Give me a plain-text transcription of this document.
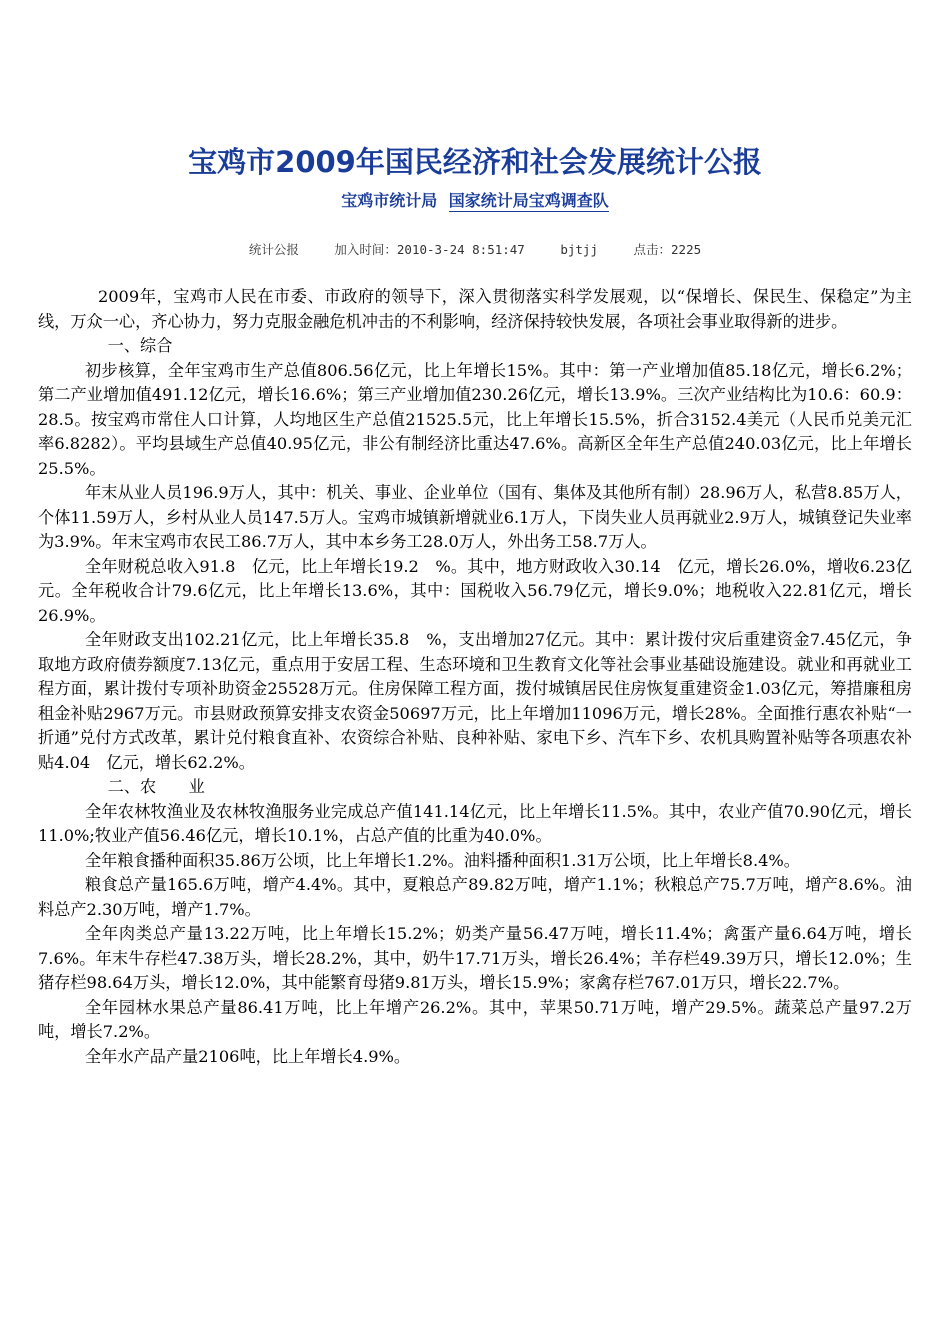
宝鸡市2009年国民经济和社会发展统计公报
宝鸡市统计局 国家统计局宝鸡调查队
统计公报	加入时间：2010-3-24 8:51:47	bjtjj	点击：2225

2009年，宝鸡市人民在市委、市政府的领导下，深入贯彻落实科学发展观，以“保增长、保民生、保稳定”为主线，万众一心，齐心协力，努力克服金融危机冲击的不利影响，经济保持较快发展，各项社会事业取得新的进步。

一、综合

初步核算，全年宝鸡市生产总值806.56亿元，比上年增长15%。其中：第一产业增加值85.18亿元，增长6.2%；第二产业增加值491.12亿元，增长16.6%；第三产业增加值230.26亿元，增长13.9%。三次产业结构比为10.6：60.9：28.5。按宝鸡市常住人口计算，人均地区生产总值21525.5元，比上年增长15.5%，折合3152.4美元（人民币兑美元汇率6.8282）。平均县域生产总值40.95亿元，非公有制经济比重达47.6%。高新区全年生产总值240.03亿元，比上年增长25.5%。

年末从业人员196.9万人，其中：机关、事业、企业单位（国有、集体及其他所有制）28.96万人，私营8.85万人，个体11.59万人，乡村从业人员147.5万人。宝鸡市城镇新增就业6.1万人，下岗失业人员再就业2.9万人，城镇登记失业率为3.9%。年末宝鸡市农民工86.7万人，其中本乡务工28.0万人，外出务工58.7万人。

全年财税总收入91.8　亿元，比上年增长19.2　%。其中，地方财政收入30.14　亿元，增长26.0%，增收6.23亿元。全年税收合计79.6亿元，比上年增长13.6%，其中：国税收入56.79亿元，增长9.0%；地税收入22.81亿元，增长26.9%。

全年财政支出102.21亿元，比上年增长35.8　%，支出增加27亿元。其中：累计拨付灾后重建资金7.45亿元，争取地方政府债券额度7.13亿元，重点用于安居工程、生态环境和卫生教育文化等社会事业基础设施建设。就业和再就业工程方面，累计拨付专项补助资金25528万元。住房保障工程方面，拨付城镇居民住房恢复重建资金1.03亿元，筹措廉租房租金补贴2967万元。市县财政预算安排支农资金50697万元，比上年增加11096万元，增长28%。全面推行惠农补贴“一折通”兑付方式改革，累计兑付粮食直补、农资综合补贴、良种补贴、家电下乡、汽车下乡、农机具购置补贴等各项惠农补贴4.04　亿元，增长62.2%。

二、农　　业

全年农林牧渔业及农林牧渔服务业完成总产值141.14亿元，比上年增长11.5%。其中，农业产值70.90亿元，增长11.0%;牧业产值56.46亿元，增长10.1%，占总产值的比重为40.0%。

全年粮食播种面积35.86万公顷，比上年增长1.2%。油料播种面积1.31万公顷，比上年增长8.4%。

粮食总产量165.6万吨，增产4.4%。其中，夏粮总产89.82万吨，增产1.1%；秋粮总产75.7万吨，增产8.6%。油料总产2.30万吨，增产1.7%。

全年肉类总产量13.22万吨，比上年增长15.2%；奶类产量56.47万吨，增长11.4%；禽蛋产量6.64万吨，增长7.6%。年末牛存栏47.38万头，增长28.2%，其中，奶牛17.71万头，增长26.4%；羊存栏49.39万只，增长12.0%；生猪存栏98.64万头，增长12.0%，其中能繁育母猪9.81万头，增长15.9%；家禽存栏767.01万只，增长22.7%。

全年园林水果总产量86.41万吨，比上年增产26.2%。其中，苹果50.71万吨，增产29.5%。蔬菜总产量97.2万吨，增长7.2%。

全年水产品产量2106吨，比上年增长4.9%。
